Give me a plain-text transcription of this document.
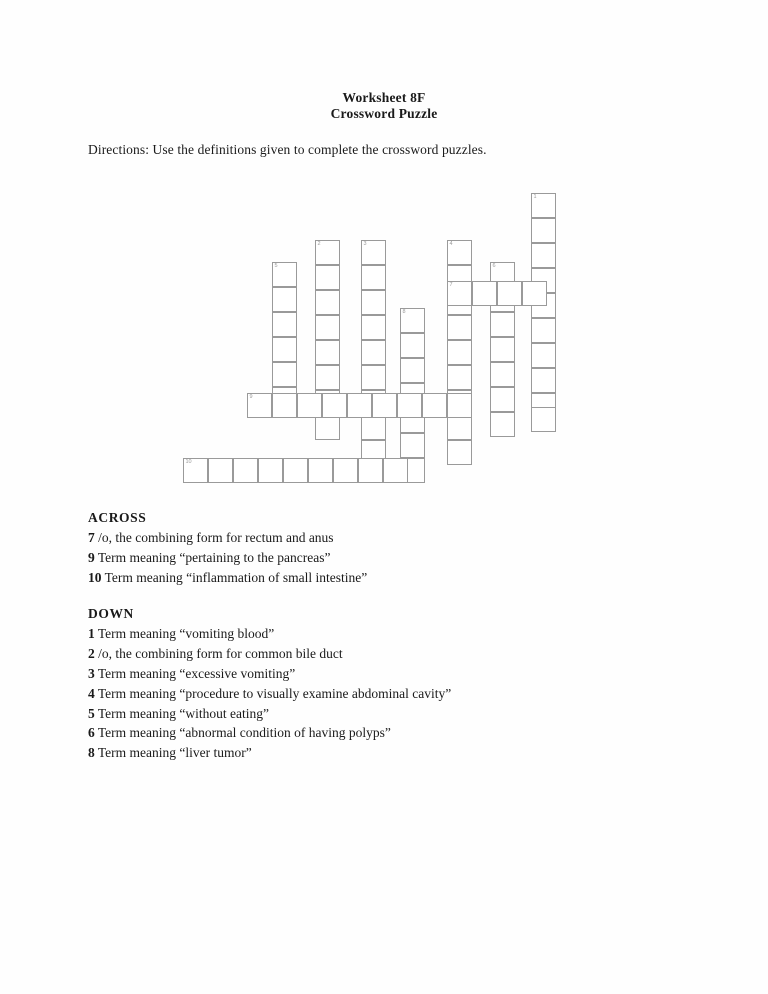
Worksheet 8F
Crossword Puzzle
Directions: Use the definitions given to complete the crossword puzzles.
1
2	3	4
5	6
8
7
9
10
ACROSS
7 /o, the combining form for rectum and anus
9 Term meaning “pertaining to the pancreas”
10 Term meaning “inflammation of small intestine”
DOWN
1 Term meaning “vomiting blood”
2 /o, the combining form for common bile duct
3 Term meaning “excessive vomiting”
4 Term meaning “procedure to visually examine abdominal cavity”
5 Term meaning “without eating”
6 Term meaning “abnormal condition of having polyps”
8 Term meaning “liver tumor”
